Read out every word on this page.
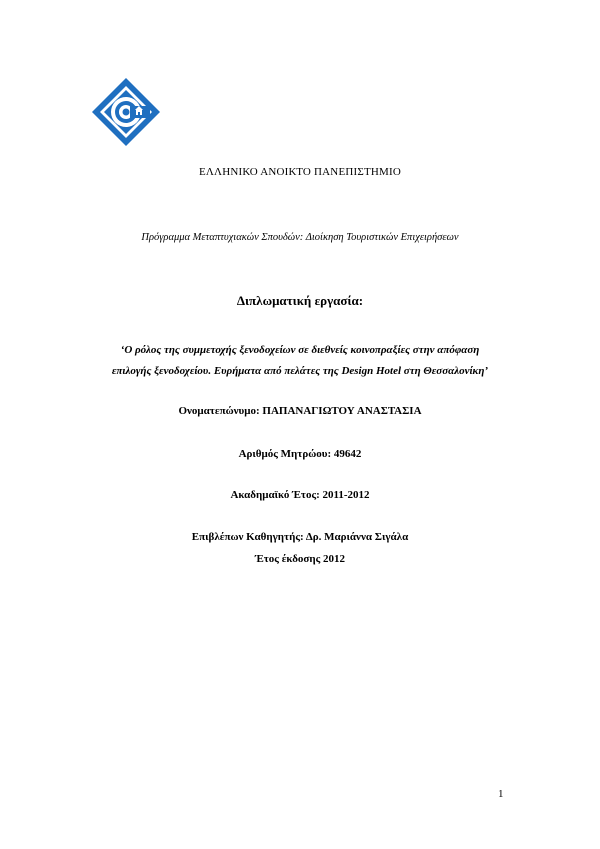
ΕΛΛΗΝΙΚΟ ΑΝΟΙΚΤΟ ΠΑΝΕΠΙΣΤΗΜΙΟ
Πρόγραμμα Μεταπτυχιακών Σπουδών: Διοίκηση Τουριστικών Επιχειρήσεων
Διπλωματική εργασία:
‘Ο ρόλος της συμμετοχής ξενοδοχείων σε διεθνείς κοινοπραξίες στην απόφαση
επιλογής ξενοδοχείου. Ευρήματα από πελάτες της Design Hotel στη Θεσσαλονίκη’
Ονοματεπώνυμο: ΠΑΠΑΝΑΓΙΩΤΟΥ ΑΝΑΣΤΑΣΙΑ
Αριθμός Μητρώου: 49642
Ακαδημαϊκό Έτος: 2011-2012
Επιβλέπων Καθηγητής: Δρ. Μαριάννα Σιγάλα
Έτος έκδοσης 2012
1
